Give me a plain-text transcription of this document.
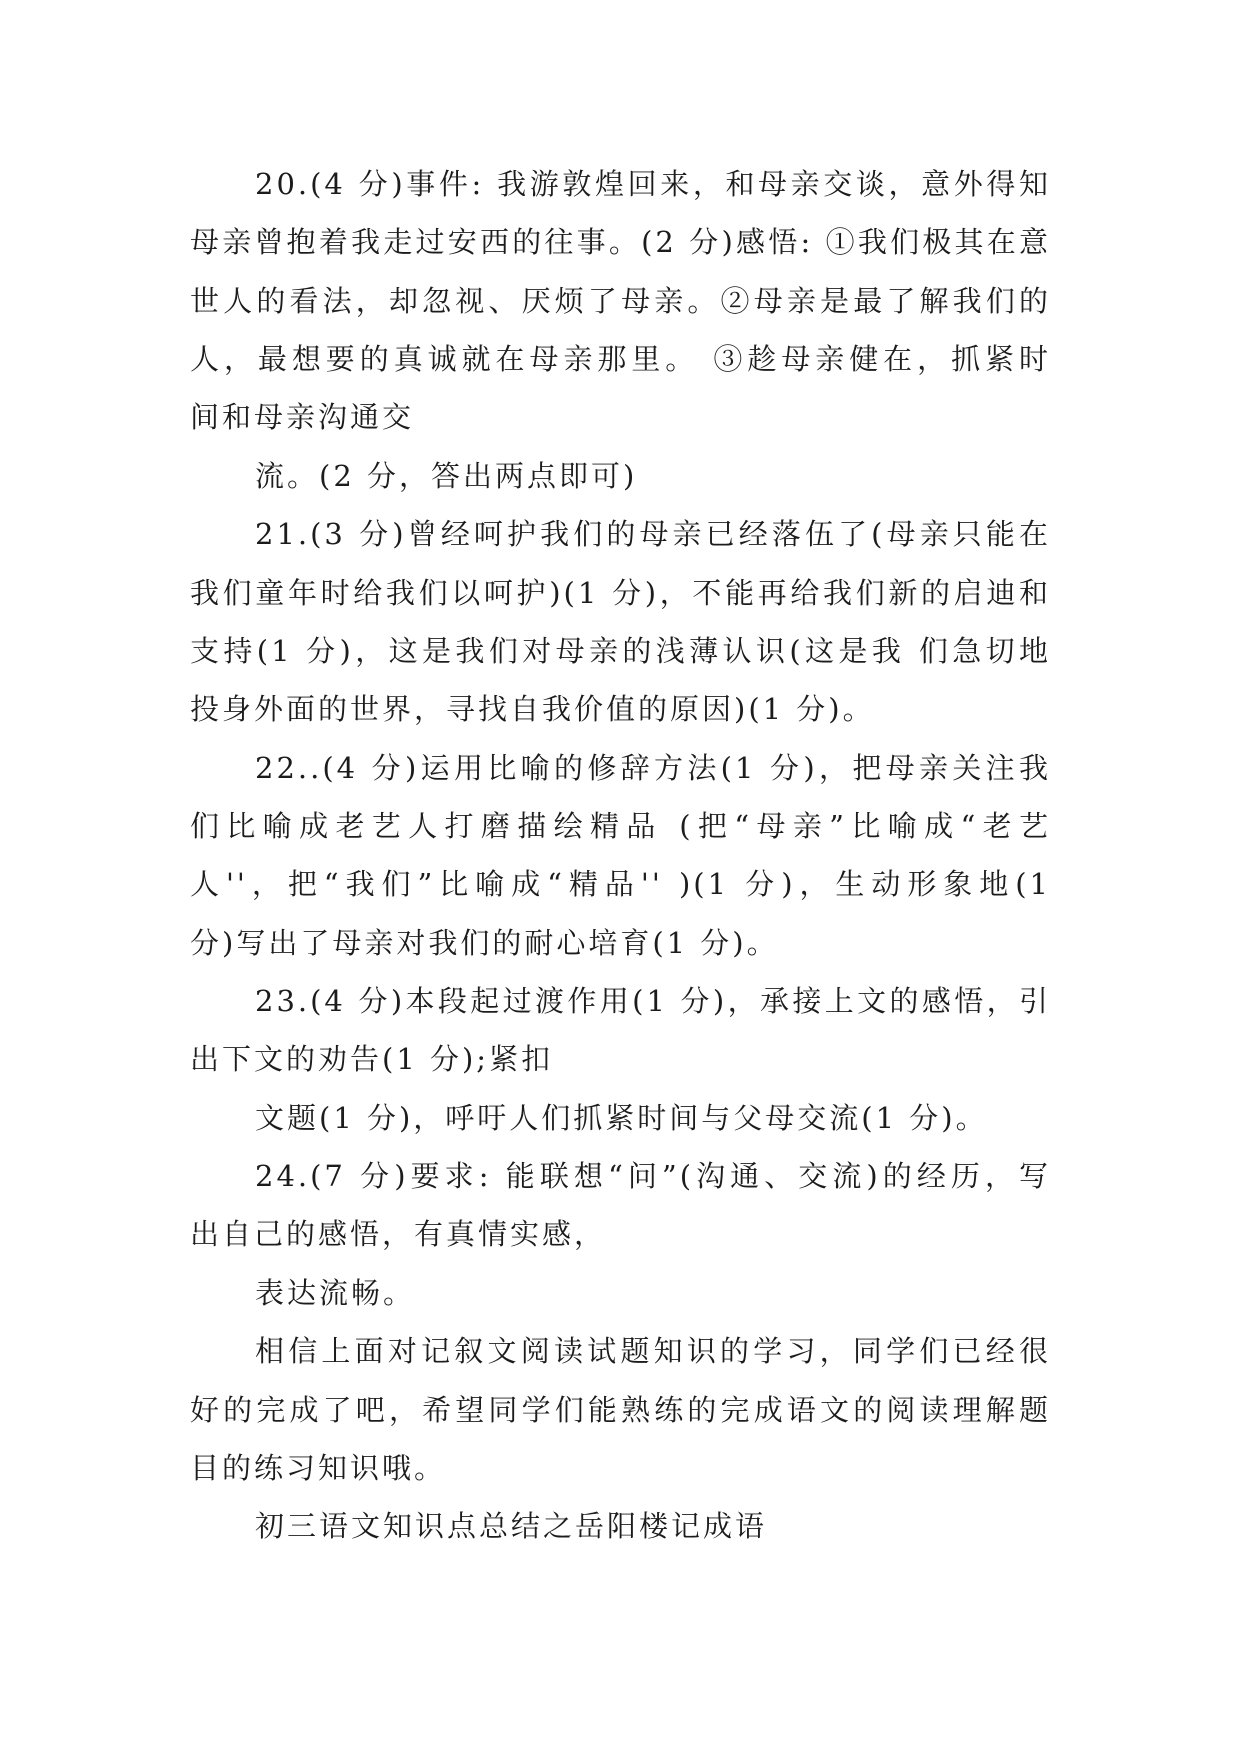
20.(4 分)事件: 我游敦煌回来，和母亲交谈，意外得知
母亲曾抱着我走过安西的往事。(2 分)感悟: ①我们极其在意
世人的看法，却忽视、厌烦了母亲。②母亲是最了解我们的
人，最想要的真诚就在母亲那里。 ③趁母亲健在，抓紧时
间和母亲沟通交
流。(2 分，答出两点即可)
21.(3 分)曾经呵护我们的母亲已经落伍了(母亲只能在
我们童年时给我们以呵护)(1 分)，不能再给我们新的启迪和
支持(1 分)，这是我们对母亲的浅薄认识(这是我 们急切地
投身外面的世界，寻找自我价值的原因)(1 分)。
22..(4 分)运用比喻的修辞方法(1 分)，把母亲关注我
们比喻成老艺人打磨描绘精品 (把“母亲”比喻成“老艺
人''，把“我们”比喻成“精品'' )(1 分)，生动形象地(1
分)写出了母亲对我们的耐心培育(1 分)。
23.(4 分)本段起过渡作用(1 分)，承接上文的感悟，引
出下文的劝告(1 分);紧扣
文题(1 分)，呼吁人们抓紧时间与父母交流(1 分)。
24.(7 分)要求: 能联想“问”(沟通、交流)的经历，写
出自己的感悟，有真情实感，
表达流畅。
相信上面对记叙文阅读试题知识的学习，同学们已经很
好的完成了吧，希望同学们能熟练的完成语文的阅读理解题
目的练习知识哦。
初三语文知识点总结之岳阳楼记成语
